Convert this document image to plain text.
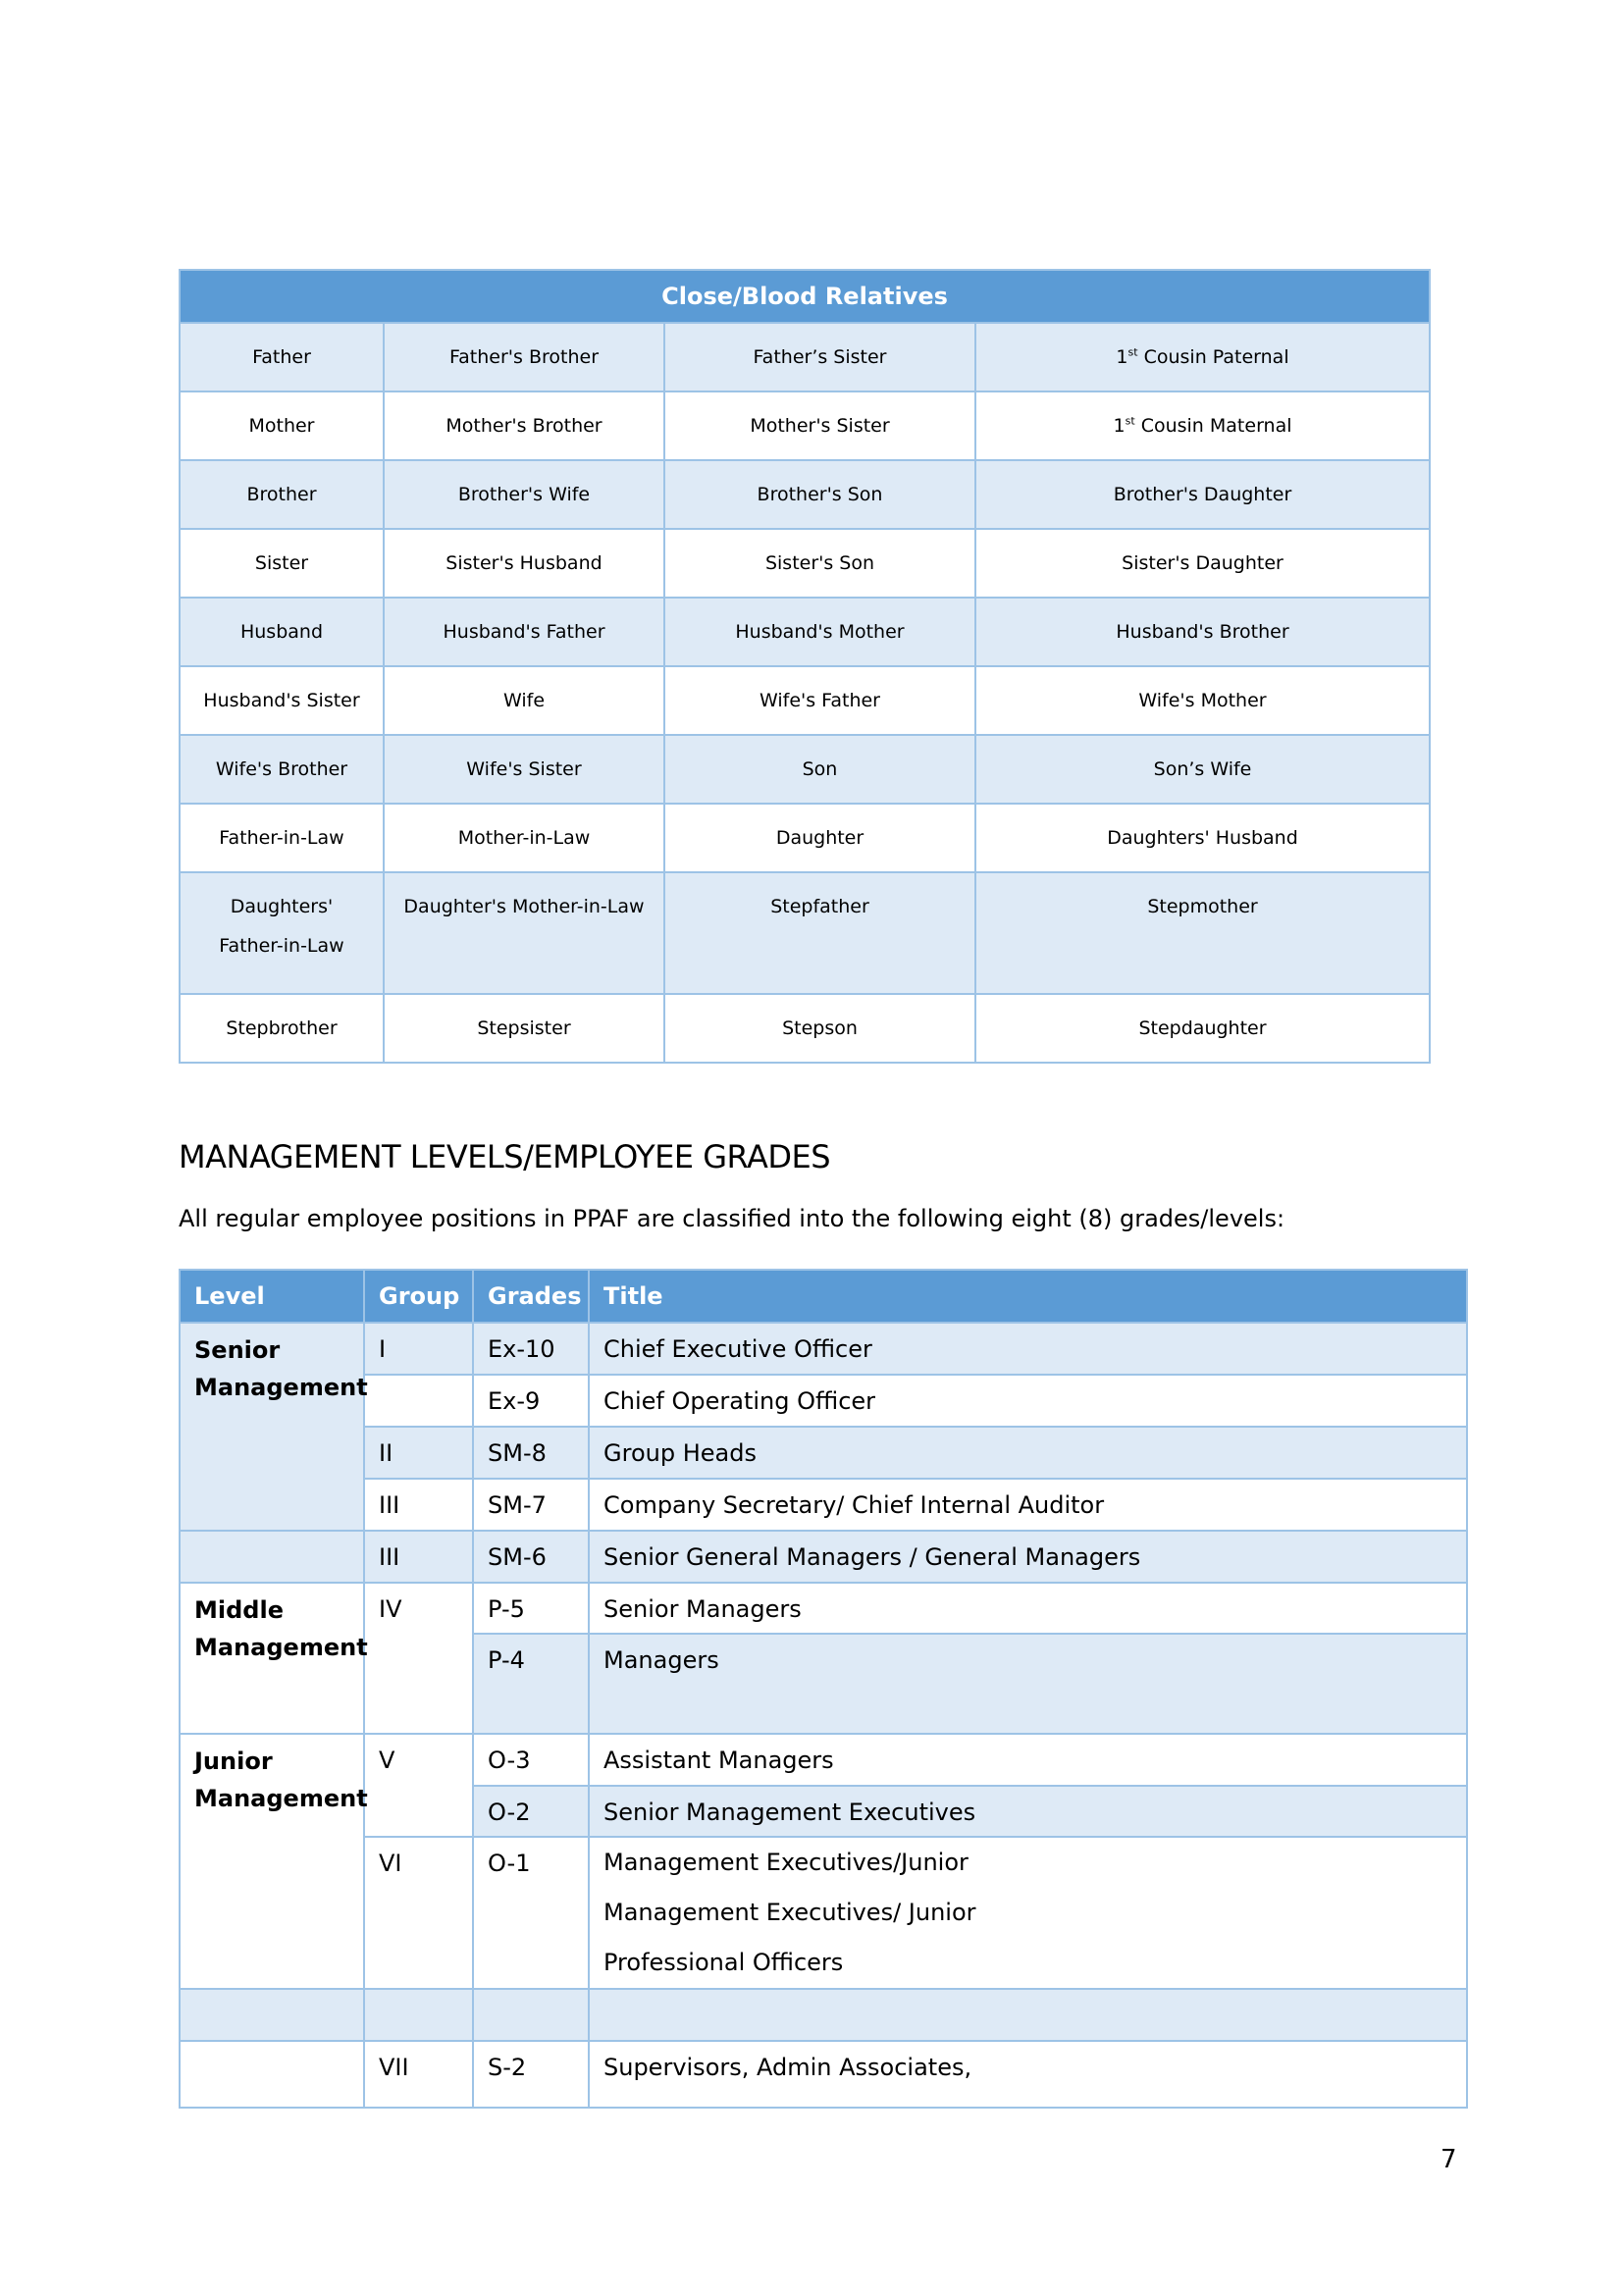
Close/Blood Relatives			
Father	Father's Brother	Father’s Sister	1st Cousin Paternal
Mother	Mother's Brother	Mother's Sister	1st Cousin Maternal
Brother	Brother's Wife	Brother's Son	Brother's Daughter
Sister	Sister's Husband	Sister's Son	Sister's Daughter
Husband	Husband's Father	Husband's Mother	Husband's Brother
Husband's Sister	Wife	Wife's Father	Wife's Mother
Wife's Brother	Wife's Sister	Son	Son’s Wife
Father-in-Law	Mother-in-Law	Daughter	Daughters' Husband
Daughters'
Father-in-Law	Daughter's Mother-in-Law	Stepfather	Stepmother
Stepbrother	Stepsister	Stepson	Stepdaughter
MANAGEMENT LEVELS/EMPLOYEE GRADES

All regular employee positions in PPAF are classified into the following eight (8) grades/levels:

Level	Group	Grades	Title
Senior
Management	I	Ex-10	Chief Executive Officer
		Ex-9	Chief Operating Officer
	II	SM-8	Group Heads
	III	SM-7	Company Secretary/ Chief Internal Auditor
	III	SM-6	Senior General Managers / General Managers
Middle
Management	IV	P-5	Senior Managers
		P-4	Managers
Junior
Management	V	O-3	Assistant Managers
		O-2	Senior Management Executives
	VI	O-1	Management Executives/Junior
Management Executives/ Junior
Professional Officers

	VII	S-2	Supervisors, Admin Associates,
7
